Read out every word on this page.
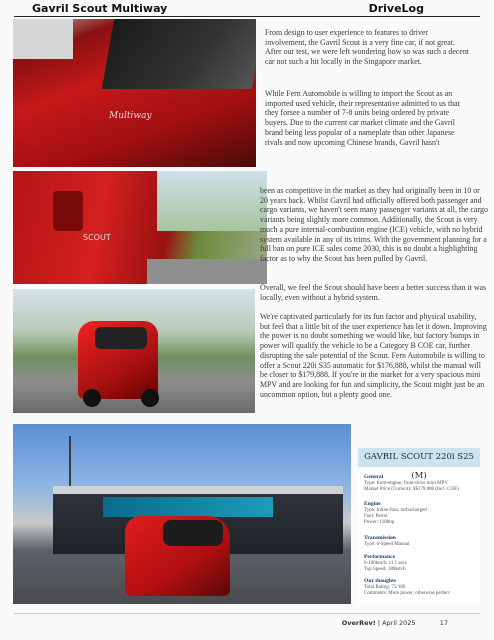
Gavril Scout Multiway	DriveLog
Multiway
SCOUT

From design to user experience to features to driver involvement, the Gavril Scout is a very fine car, if not great. After our test, we were left wondering how so was such a decent car not such a hit locally in the Singapore market.

While Fern Automobile is willing to import the Scout as an imported used vehicle, their representative admitted to us that they forsee a number of 7-8 units being ordered by private buyers. Due to the current car market climate and the Gavril brand being less popular of a nameplate than other Japanese rivals and now upcoming Chinese brands, Gavril hasn't

been as competitive in the market as they had originally been in 10 or 20 years back. Whilst Gavril had officially offered both passenger and cargo variants, we haven't seen many passenger variants at all, the cargo variants being slightly more common. Additionally, the Scout is very much a pure internal-combustion engine (ICE) vehicle, with no hybrid system available in any of its trims. With the government planning for a full ban on pure ICE sales come 2030, this is no doubt a highlighting factor as to why the Scout has been pulled by Gavril.

Overall, we feel the Scout should have been a better success than it was locally, even without a hybrid system.

We're captivated particularly for its fun factor and physical usability, but feel that a little bit of the user experience has let it down. Improving the power is no doubt something we would like, but factory bumps in power will qualify the vehicle to be a Category B COE car, further disrupting the sale potential of the Scout. Fern Automobile is willing to offer a Scout 220i S35 automatic for $176,888, whilst the manual will be closer to $179,888. If you're in the market for a very spacious mini MPV and are looking for fun and simplicity, the Scout might just be an uncommon option, but a plenty good one.

GAVRIL SCOUT 220i S25 (M)
General
Type: front-engine, front-drive mini MPV
Market Price (Current): S$179,888 (Incl. COE)
Engine
Type: Inline-four, turbocharged
Fuel: Petrol
Power: 118bhp
Transmission
Type: 6-Speed Manual
Performance
0-100km/h: 11.1 secs
Top Speed: 180km/h
Our thoughts
Total Rating: 75/100
Comments: More power, otherwise perfect
OverRev! | April 2025	17
